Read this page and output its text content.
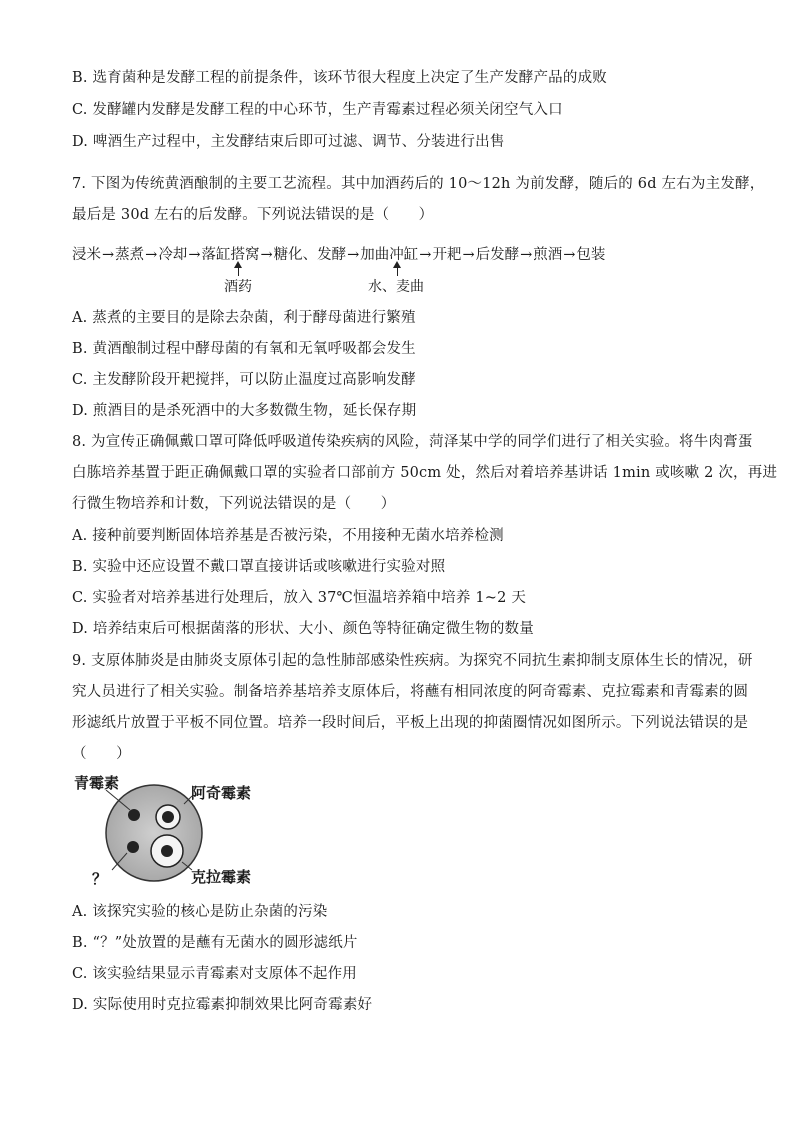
B. 选育菌种是发酵工程的前提条件，该环节很大程度上决定了生产发酵产品的成败
C. 发酵罐内发酵是发酵工程的中心环节，生产青霉素过程必须关闭空气入口
D. 啤酒生产过程中，主发酵结束后即可过滤、调节、分装进行出售
7. 下图为传统黄酒酿制的主要工艺流程。其中加酒药后的 10～12h 为前发酵，随后的 6d 左右为主发酵，
最后是 30d 左右的后发酵。下列说法错误的是（　　）
浸米→蒸煮→冷却→落缸搭窝→糖化、发酵→加曲冲缸→开耙→后发酵→煎酒→包装
酒药	水、麦曲
A. 蒸煮的主要目的是除去杂菌，利于酵母菌进行繁殖
B. 黄酒酿制过程中酵母菌的有氧和无氧呼吸都会发生
C. 主发酵阶段开耙搅拌，可以防止温度过高影响发酵
D. 煎酒目的是杀死酒中的大多数微生物，延长保存期
8. 为宣传正确佩戴口罩可降低呼吸道传染疾病的风险，菏泽某中学的同学们进行了相关实验。将牛肉膏蛋
白胨培养基置于距正确佩戴口罩的实验者口部前方 50cm 处，然后对着培养基讲话 1min 或咳嗽 2 次，再进
行微生物培养和计数，下列说法错误的是（　　）
A. 接种前要判断固体培养基是否被污染，不用接种无菌水培养检测
B. 实验中还应设置不戴口罩直接讲话或咳嗽进行实验对照
C. 实验者对培养基进行处理后，放入 37℃恒温培养箱中培养 1~2 天
D. 培养结束后可根据菌落的形状、大小、颜色等特征确定微生物的数量
9. 支原体肺炎是由肺炎支原体引起的急性肺部感染性疾病。为探究不同抗生素抑制支原体生长的情况，研
究人员进行了相关实验。制备培养基培养支原体后，将蘸有相同浓度的阿奇霉素、克拉霉素和青霉素的圆
形滤纸片放置于平板不同位置。培养一段时间后，平板上出现的抑菌圈情况如图所示。下列说法错误的是
（　　）
青霉素
阿奇霉素
？	克拉霉素
A. 该探究实验的核心是防止杂菌的污染
B. “？”处放置的是蘸有无菌水的圆形滤纸片
C. 该实验结果显示青霉素对支原体不起作用
D. 实际使用时克拉霉素抑制效果比阿奇霉素好
